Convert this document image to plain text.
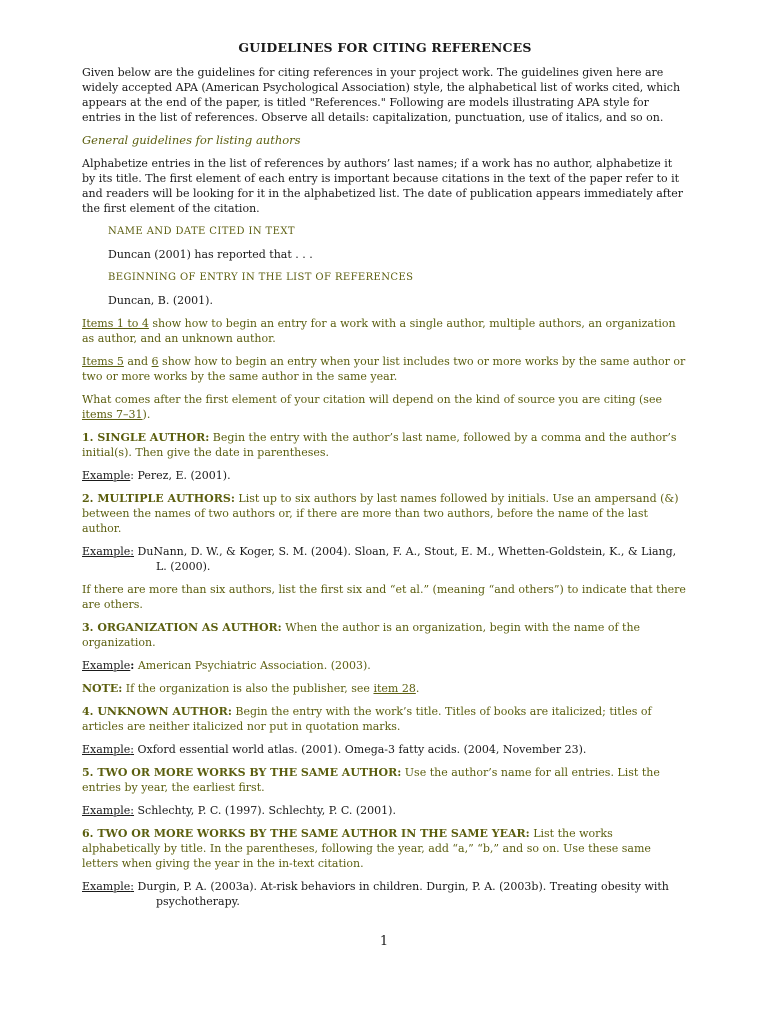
GUIDELINES FOR CITING REFERENCES

Given below are the guidelines for citing references in your project work. The guidelines given here are widely accepted APA (American Psychological Association) style, the alphabetical list of works cited, which appears at the end of the paper, is titled "References." Following are models illustrating APA style for entries in the list of references. Observe all details: capitalization, punctuation, use of italics, and so on.

General guidelines for listing authors

Alphabetize entries in the list of references by authors’ last names; if a work has no author, alphabetize it by its title. The first element of each entry is important because citations in the text of the paper refer to it and readers will be looking for it in the alphabetized list. The date of publication appears immediately after the first element of the citation.

NAME AND DATE CITED IN TEXT

Duncan (2001) has reported that . . .

BEGINNING OF ENTRY IN THE LIST OF REFERENCES

Duncan, B. (2001).

Items 1 to 4 show how to begin an entry for a work with a single author, multiple authors, an organization as author, and an unknown author.

Items 5 and 6 show how to begin an entry when your list includes two or more works by the same author or two or more works by the same author in the same year.

What comes after the first element of your citation will depend on the kind of source you are citing (see items 7–31).

1. SINGLE AUTHOR: Begin the entry with the author’s last name, followed by a comma and the author’s initial(s). Then give the date in parentheses.

Example: Perez, E. (2001).

2. MULTIPLE AUTHORS: List up to six authors by last names followed by initials. Use an ampersand (&) between the names of two authors or, if there are more than two authors, before the name of the last author.

Example: DuNann, D. W., & Koger, S. M. (2004). Sloan, F. A., Stout, E. M., Whetten-Goldstein, K., & Liang, L. (2000).

If there are more than six authors, list the first six and “et al.” (meaning “and others”) to indicate that there are others.

3. ORGANIZATION AS AUTHOR: When the author is an organization, begin with the name of the organization.

Example: American Psychiatric Association. (2003).

NOTE: If the organization is also the publisher, see item 28.

4. UNKNOWN AUTHOR: Begin the entry with the work’s title. Titles of books are italicized; titles of articles are neither italicized nor put in quotation marks.

Example: Oxford essential world atlas. (2001). Omega-3 fatty acids. (2004, November 23).

5. TWO OR MORE WORKS BY THE SAME AUTHOR: Use the author’s name for all entries. List the entries by year, the earliest first.

Example: Schlechty, P. C. (1997). Schlechty, P. C. (2001).

6. TWO OR MORE WORKS BY THE SAME AUTHOR IN THE SAME YEAR: List the works alphabetically by title. In the parentheses, following the year, add “a,” “b,” and so on. Use these same letters when giving the year in the in-text citation.

Example: Durgin, P. A. (2003a). At-risk behaviors in children. Durgin, P. A. (2003b). Treating obesity with psychotherapy.

1
